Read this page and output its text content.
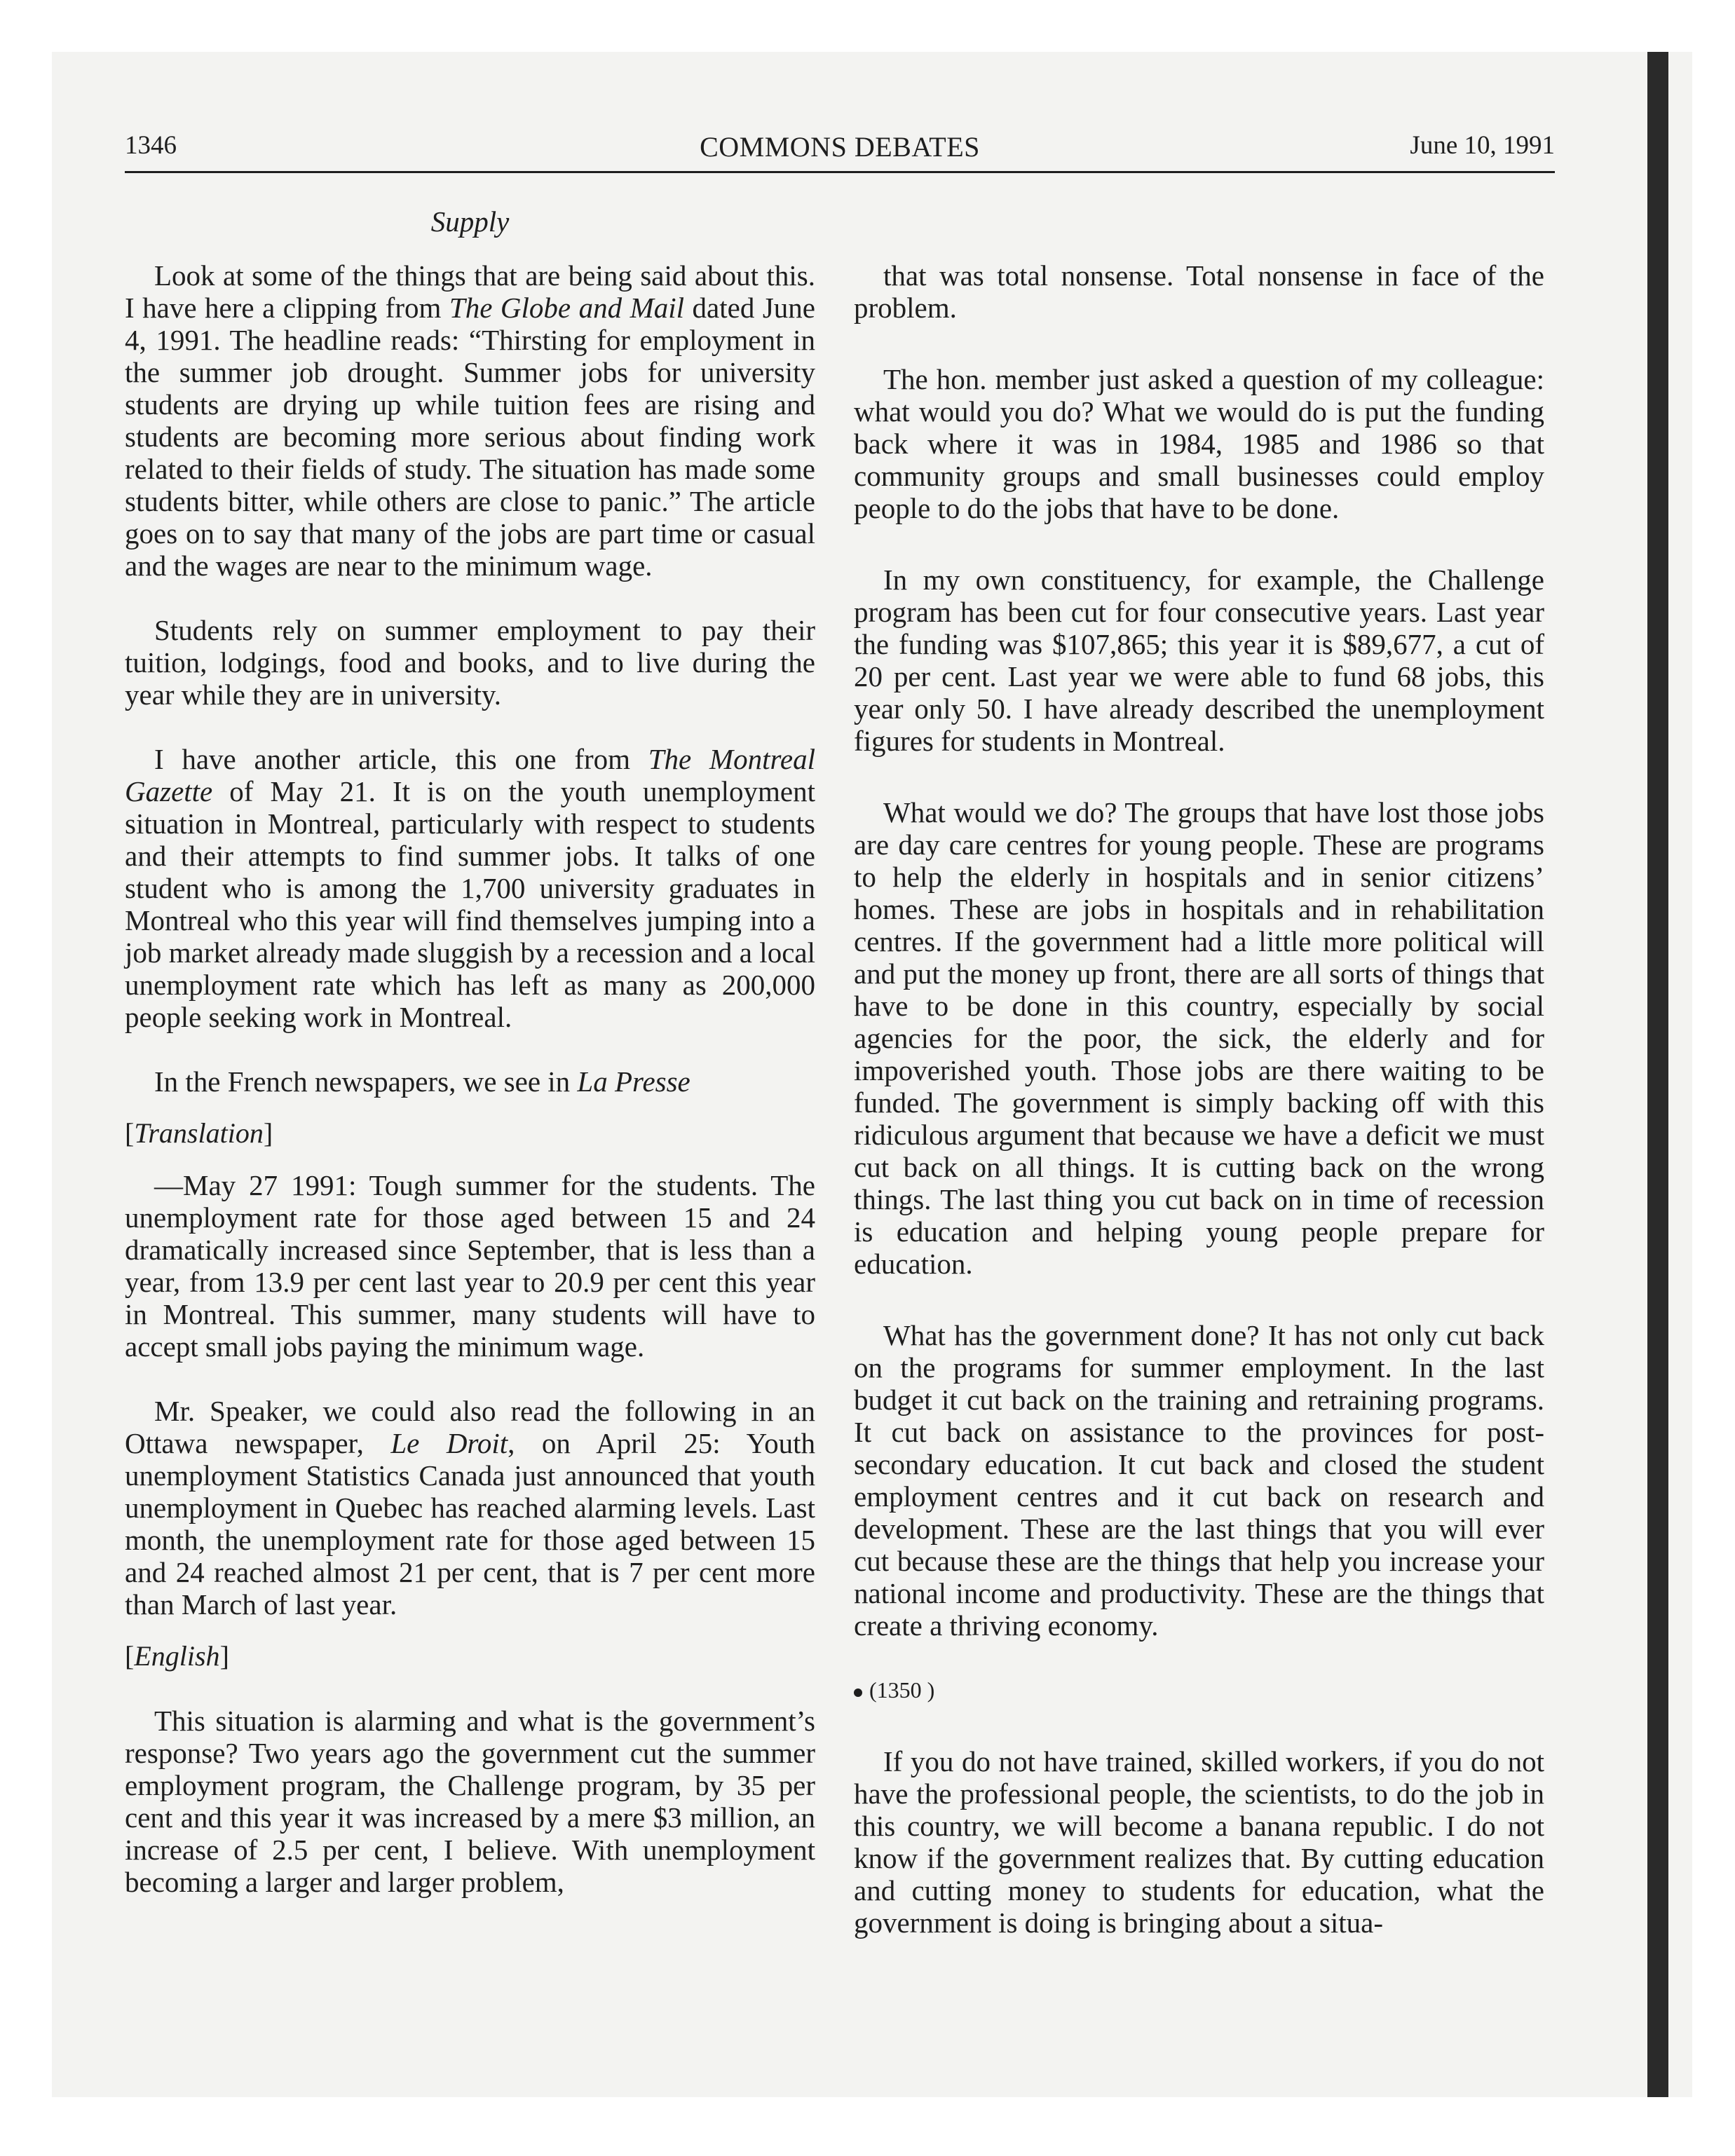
1346	COMMONS DEBATES	June 10, 1991
Supply

Look at some of the things that are being said about this. I have here a clipping from The Globe and Mail dated June 4, 1991. The headline reads: “Thirsting for employment in the summer job drought. Summer jobs for university students are drying up while tuition fees are rising and students are becoming more serious about finding work related to their fields of study. The situation has made some students bitter, while others are close to panic.” The article goes on to say that many of the jobs are part time or casual and the wages are near to the minimum wage.

Students rely on summer employment to pay their tuition, lodgings, food and books, and to live during the year while they are in university.

I have another article, this one from The Montreal Gazette of May 21. It is on the youth unemployment situation in Montreal, particularly with respect to students and their attempts to find summer jobs. It talks of one student who is among the 1,700 university graduates in Montreal who this year will find themselves jumping into a job market already made sluggish by a recession and a local unemployment rate which has left as many as 200,000 people seeking work in Montreal.

In the French newspapers, we see in La Presse

[Translation]

—May 27 1991: Tough summer for the students. The unemployment rate for those aged between 15 and 24 dramatically increased since September, that is less than a year, from 13.9 per cent last year to 20.9 per cent this year in Montreal. This summer, many students will have to accept small jobs paying the minimum wage.

Mr. Speaker, we could also read the following in an Ottawa newspaper, Le Droit, on April 25: Youth unemployment Statistics Canada just announced that youth unemployment in Quebec has reached alarming levels. Last month, the unemployment rate for those aged between 15 and 24 reached almost 21 per cent, that is 7 per cent more than March of last year.

[English]

This situation is alarming and what is the government’s response? Two years ago the government cut the summer employment program, the Challenge program, by 35 per cent and this year it was increased by a mere $3 million, an increase of 2.5 per cent, I believe. With unemployment becoming a larger and larger problem,

that was total nonsense. Total nonsense in face of the problem.

The hon. member just asked a question of my colleague: what would you do? What we would do is put the funding back where it was in 1984, 1985 and 1986 so that community groups and small businesses could employ people to do the jobs that have to be done.

In my own constituency, for example, the Challenge program has been cut for four consecutive years. Last year the funding was $107,865; this year it is $89,677, a cut of 20 per cent. Last year we were able to fund 68 jobs, this year only 50. I have already described the unemployment figures for students in Montreal.

What would we do? The groups that have lost those jobs are day care centres for young people. These are programs to help the elderly in hospitals and in senior citizens’ homes. These are jobs in hospitals and in rehabilitation centres. If the government had a little more political will and put the money up front, there are all sorts of things that have to be done in this country, especially by social agencies for the poor, the sick, the elderly and for impoverished youth. Those jobs are there waiting to be funded. The government is simply backing off with this ridiculous argument that because we have a deficit we must cut back on all things. It is cutting back on the wrong things. The last thing you cut back on in time of recession is education and helping young people prepare for education.

What has the government done? It has not only cut back on the programs for summer employment. In the last budget it cut back on the training and retraining programs. It cut back on assistance to the provinces for post-secondary education. It cut back and closed the student employment centres and it cut back on research and development. These are the last things that you will ever cut because these are the things that help you increase your national income and productivity. These are the things that create a thriving economy.

(1350 )

If you do not have trained, skilled workers, if you do not have the professional people, the scientists, to do the job in this country, we will become a banana republic. I do not know if the government realizes that. By cutting education and cutting money to students for education, what the government is doing is bringing about a situa-
